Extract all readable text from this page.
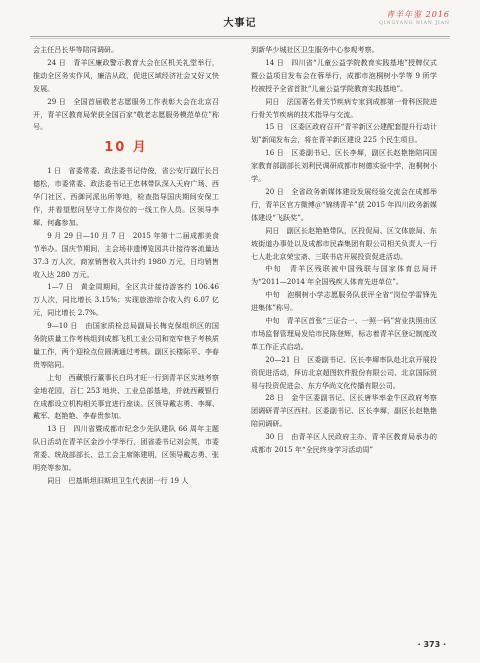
大事记
青羊年鉴 2016
QINGYANG NIAN JIAN

会主任吕长华等陪同调研。

24 日　青羊区廉政警示教育大会在区机关礼堂举行，推动全区务实作风，廉洁从政，促进区域经济社会又好又快发展。

29 日　全国首届敬老志愿服务工作表彰大会在北京召开，青羊区教育局荣获全国百家“敬老志愿服务模范单位”称号。

10 月

1 日　省委常委、政法委书记侍俊，省公安厅副厅长吕德松，市委常委、政法委书记王忠林带队深入天府广场、西华门社区、西御河派出所等地，检查指导国庆期间安保工作，并看望慰问坚守工作岗位的一线工作人员。区领导李墀、何鑫参加。

9 月 29 日—10 月 7 日　2015 年第十二届成都美食节举办。国庆节期间，主会场非遗博览园共计接待客流量达 37.3 万人次，商家销售收入共计约 1980 万元，日均销售收入达 280 万元。

1—7 日　黄金周期间，全区共计接待游客约 106.46 万人次，同比增长 3.15%；实现旅游综合收入约 6.07 亿元，同比增长 2.7%。

9—10 日　由国家质检总局副局长梅克保组织区的国务院质量工作考核组到成都飞机工业公司和宽窄巷子考核质量工作，两个迎检点位圆满通过考核。副区长楼际平、李春贵等陪同。

上旬　西藏银行董事长白玛才旺一行到青羊区实地考察金地花园，百仁 253 地块、工业总部基地，并就西藏银行在成都设立机构相关事宜进行座谈。区领导戴志勇、李墀、戴军、赵艳艳、李春贵参加。

13 日　四川省暨成都市纪念少先队建队 66 周年主题队日活动在青羊区金沙小学举行，团省委书记刘会英，市委常委、统战部部长、总工会主席陈建明，区领导戴志勇、张明亮等参加。

同日　巴基斯坦旧斯坦卫生代表团一行 19 人

到新华少城社区卫生服务中心参观考察。

14 日　四川省“儿童公益学院教育实践基地”授牌仪式暨公益项目发布会在蓉举行，成都市泡桐树小学等 9 所学校被授予全省首批“儿童公益学院教育实践基地”。

同日　法国著名骨关节疾病专家到成都第一骨科医院进行骨关节疾病的技术指导与交流。

15 日　区委区政府召开“青羊新区公建配套提升行动计划”新闻发布会，将在青羊新区建设 225 个民生项目。

16 日　区委副书记、区长李墀，副区长赵艳艳陪同国家教育部副部长刘利民调研成都市树德实验中学，泡桐树小学。

20 日　全省政务新媒体建设发展经验交流会在成都举行，青羊区官方微博＠“锦绣青羊”获 2015 年四川政务新媒体建设“飞跃奖”。

同日　副区长赵艳艳带队，区投促局、区文体旅局、东坡街道办事处以及成都市民森集团有限公司相关负责人一行七人赴北京荣宝斋、三联书店开展投资促进活动。

中旬　青羊区残联被中国残联与国家体育总局评为“2011—2014 年全国残疾人体育先进单位”。

中旬　泡桐树小学志愿服务队获评全省“岗位学雷锋先进集体”称号。

中旬　青羊区首张“三证合一、一照一码”营业执照由区市场监督管理局发给市民陈登辉，标志着青羊区登记制度改革工作正式启动。

20—21 日　区委副书记、区长李墀率队赴北京开展投资促进活动，拜访北京超图软件股份有限公司、北京国际贸易与投资促进会、东方华尚文化传播有限公司。

28 日　金牛区委副书记、区长唐华率金牛区政府考察团调研青羊区西村。区委副书记、区长李墀，副区长赵艳艳陪同调研。

30 日　由青羊区人民政府主办、青羊区教育局承办的成都市 2015 年“全民终身学习活动周”

· 373 ·
